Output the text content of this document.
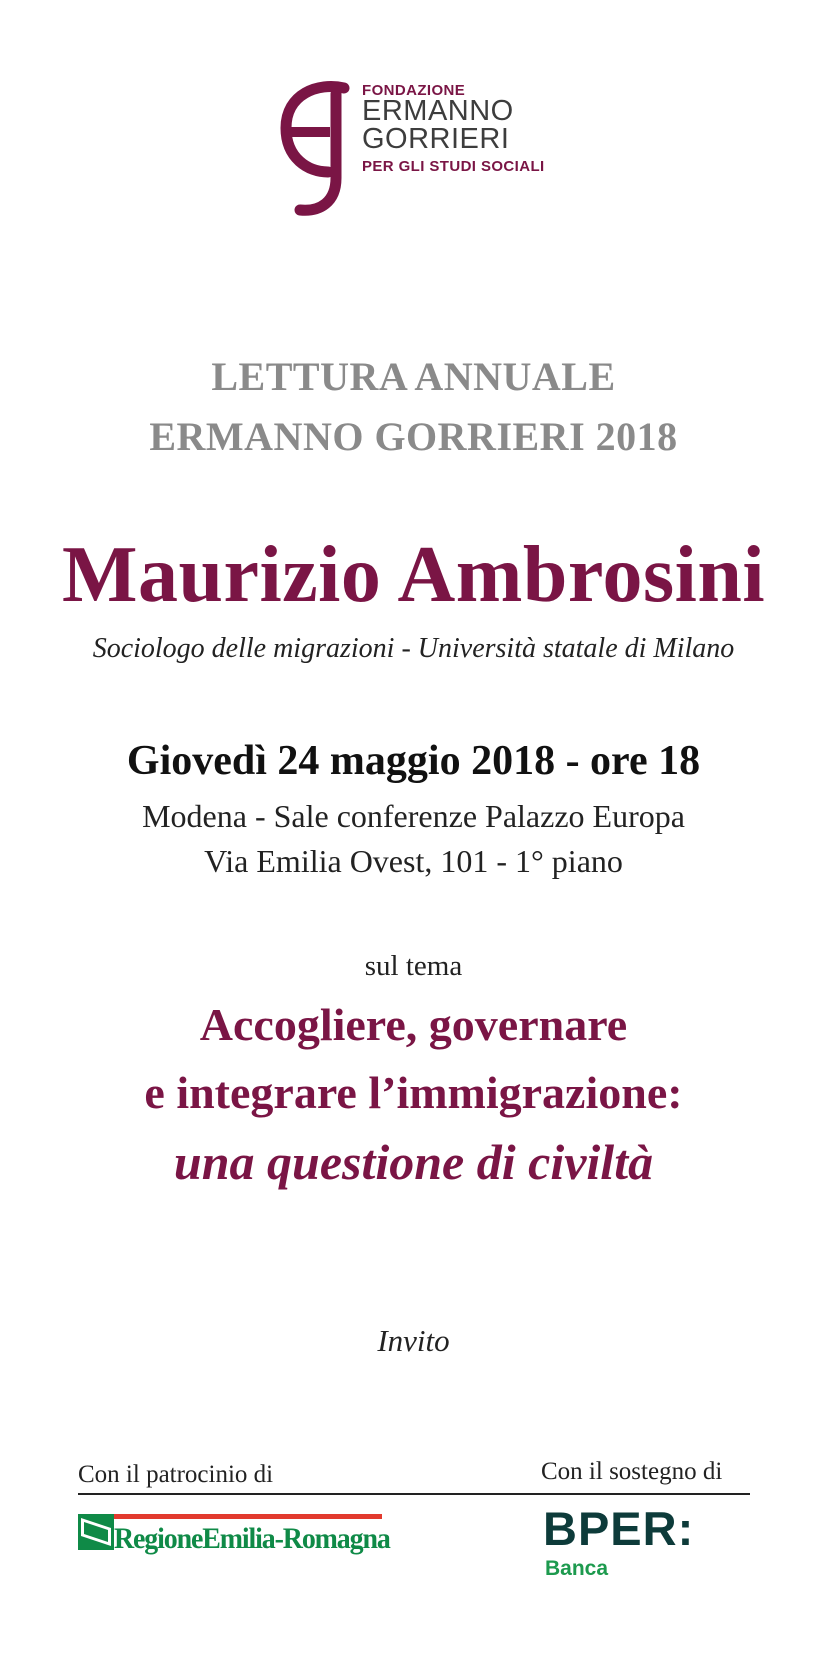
FONDAZIONE
ERMANNO
GORRIERI
PER GLI STUDI SOCIALI
LETTURA ANNUALE
ERMANNO GORRIERI 2018
Maurizio Ambrosini
Sociologo delle migrazioni - Università statale di Milano
Giovedì 24 maggio 2018 - ore 18
Modena - Sale conferenze Palazzo Europa
Via Emilia Ovest, 101 - 1° piano
sul tema
Accogliere, governare
e integrare l’immigrazione:
una questione di civiltà
Invito
Con il patrocinio di	Con il sostegno di
RegioneEmilia-Romagna	BPER:
Banca
